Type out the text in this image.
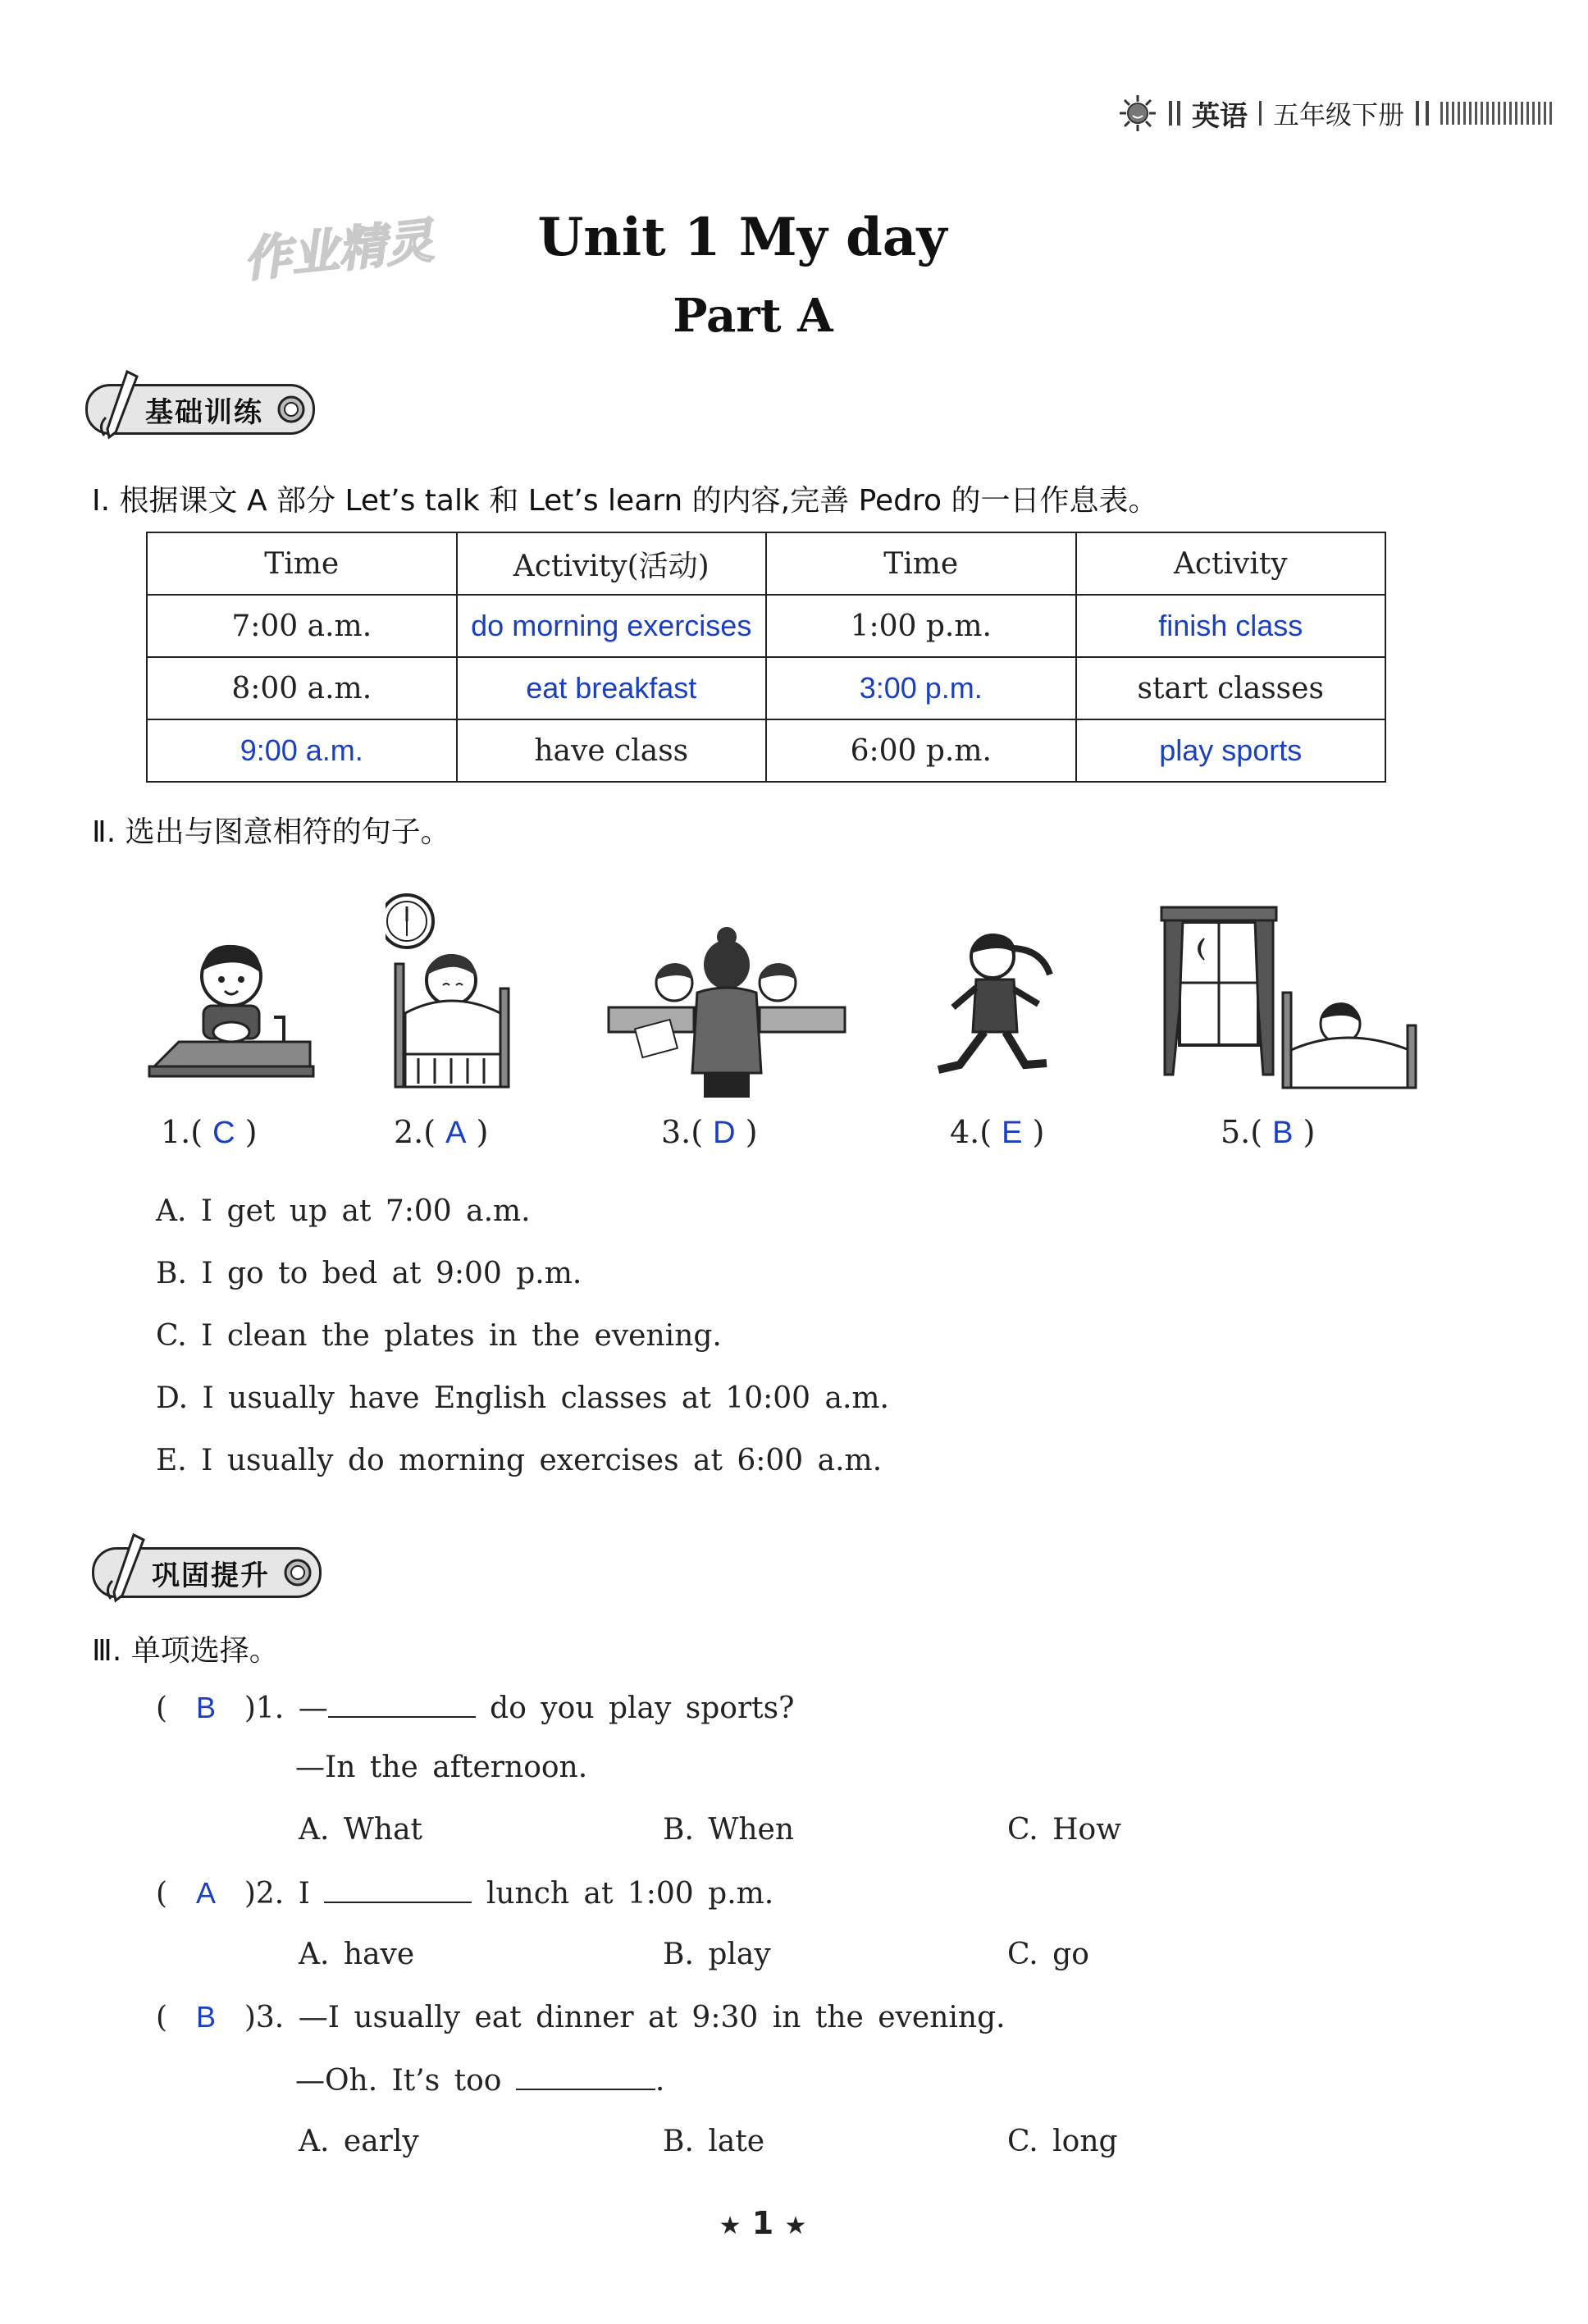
英语 五年级下册
作业精灵	Unit 1 My day
Part A
基础训练
Ⅰ. 根据课文 A 部分 Let’s talk 和 Let’s learn 的内容,完善 Pedro 的一日作息表。
Time	Activity(活动)	Time	Activity
7:00 a.m.	do morning exercises	1:00 p.m.	finish class
8:00 a.m.	eat breakfast	3:00 p.m.	start classes
9:00 a.m.	have class	6:00 p.m.	play sports
Ⅱ. 选出与图意相符的句子。
1.( C )	2.( A )	3.( D )	4.( E )	5.( B )
A. I get up at 7:00 a.m.
B. I go to bed at 9:00 p.m.
C. I clean the plates in the evening.
D. I usually have English classes at 10:00 a.m.
E. I usually do morning exercises at 6:00 a.m.
巩固提升
Ⅲ. 单项选择。
(  B )1. —	do you play sports?
—In the afternoon.
A. What	B. When	C. How
(  A )2. I	lunch at 1:00 p.m.
A. have	B. play	C. go
(  B )3. —I usually eat dinner at 9:30 in the evening.
—Oh. It’s too	.
A. early	B. late	C. long
★ 1 ★
